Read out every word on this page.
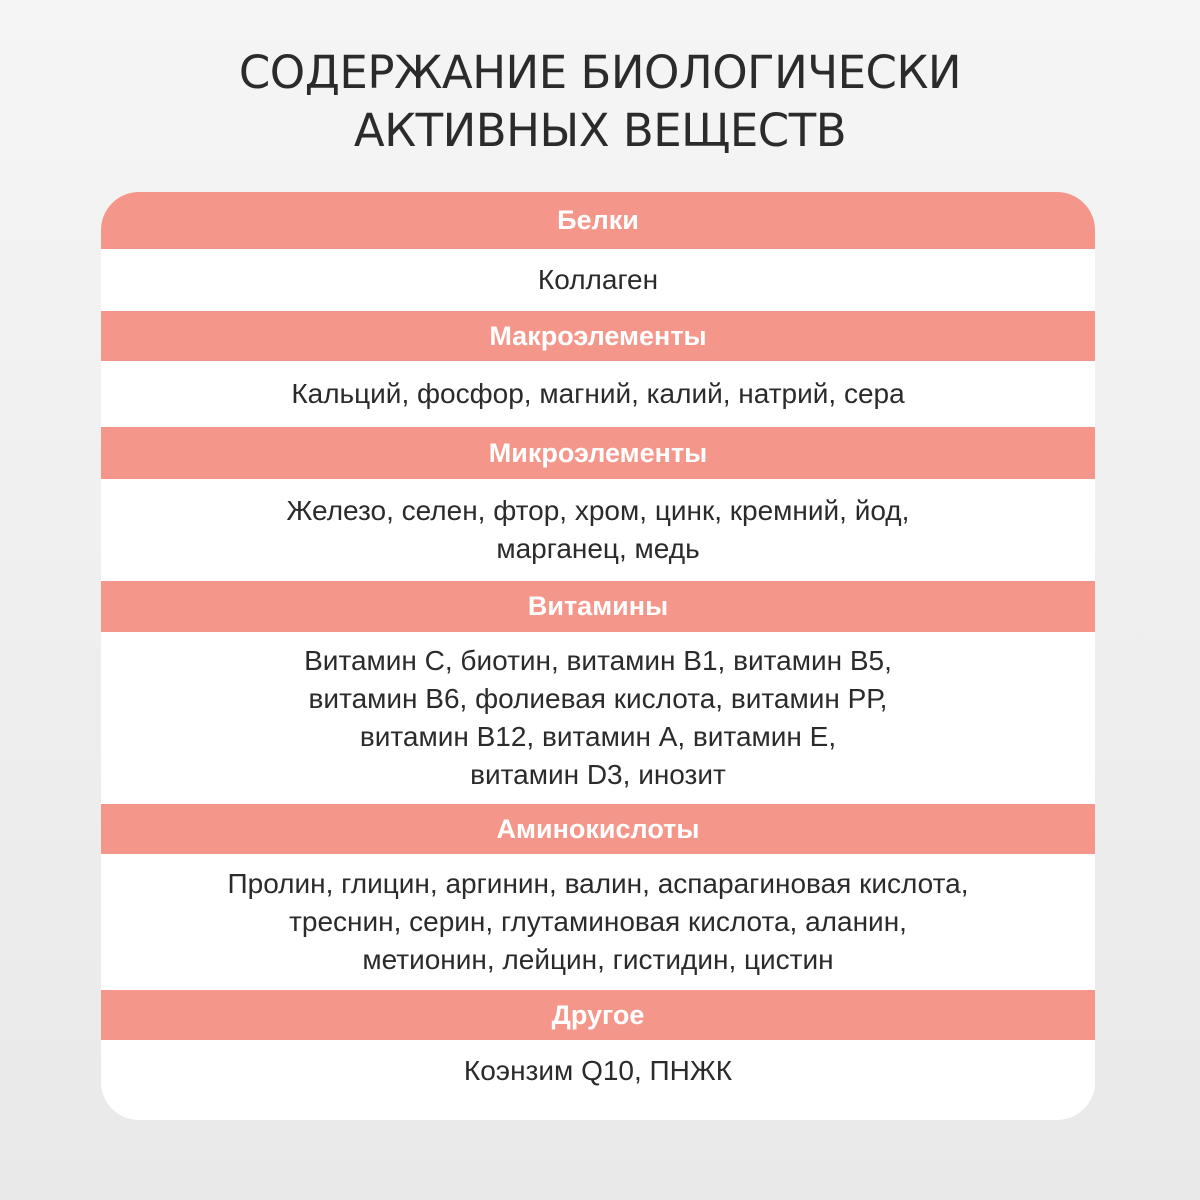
СОДЕРЖАНИЕ БИОЛОГИЧЕСКИ
АКТИВНЫХ ВЕЩЕСТВ
Белки
Коллаген
Макроэлементы
Кальций, фосфор, магний, калий, натрий, сера
Микроэлементы
Железо, селен, фтор, хром, цинк, кремний, йод,
марганец, медь
Витамины
Витамин С, биотин, витамин В1, витамин В5,
витамин В6, фолиевая кислота, витамин РР,
витамин В12, витамин А, витамин Е,
витамин D3, инозит
Аминокислоты
Пролин, глицин, аргинин, валин, аспарагиновая кислота,
треснин, серин, глутаминовая кислота, аланин,
метионин, лейцин, гистидин, цистин
Другое
Коэнзим Q10, ПНЖК
